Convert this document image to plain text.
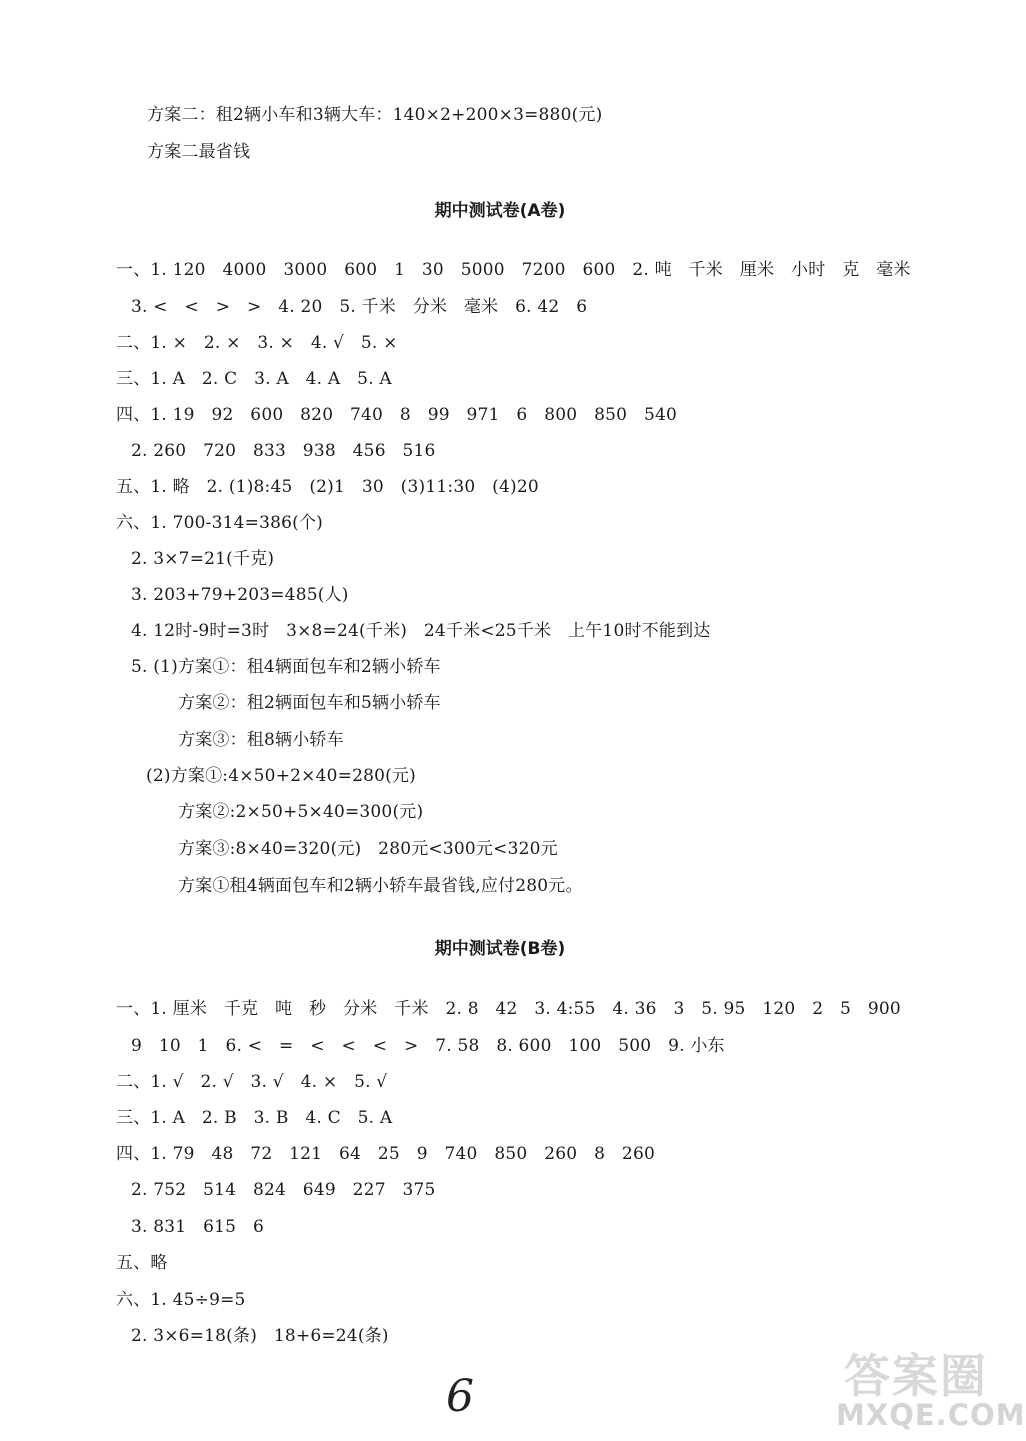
方案二：租2辆小车和3辆大车：140×2+200×3=880(元)
方案二最省钱
期中测试卷(A卷)
一、1. 120   4000   3000   600   1   30   5000   7200   600   2. 吨   千米   厘米   小时   克   毫米
3. <   <   >   >   4. 20   5. 千米   分米   毫米   6. 42   6
二、1. ×   2. ×   3. ×   4. √   5. ×
三、1. A   2. C   3. A   4. A   5. A
四、1. 19   92   600   820   740   8   99   971   6   800   850   540
2. 260   720   833   938   456   516
五、1. 略   2. (1)8:45   (2)1   30   (3)11:30   (4)20
六、1. 700-314=386(个)
2. 3×7=21(千克)
3. 203+79+203=485(人)
4. 12时-9时=3时   3×8=24(千米)   24千米<25千米   上午10时不能到达
5. (1)方案①：租4辆面包车和2辆小轿车
方案②：租2辆面包车和5辆小轿车
方案③：租8辆小轿车
(2)方案①:4×50+2×40=280(元)
方案②:2×50+5×40=300(元)
方案③:8×40=320(元)   280元<300元<320元
方案①租4辆面包车和2辆小轿车最省钱,应付280元。
期中测试卷(B卷)
一、1. 厘米   千克   吨   秒   分米   千米   2. 8   42   3. 4:55   4. 36   3   5. 95   120   2   5   900
9   10   1   6. <   =   <   <   <   >   7. 58   8. 600   100   500   9. 小东
二、1. √   2. √   3. √   4. ×   5. √
三、1. A   2. B   3. B   4. C   5. A
四、1. 79   48   72   121   64   25   9   740   850   260   8   260
2. 752   514   824   649   227   375
3. 831   615   6
五、略
六、1. 45÷9=5
2. 3×6=18(条)   18+6=24(条)
6	答案圈
MXQE.COM
